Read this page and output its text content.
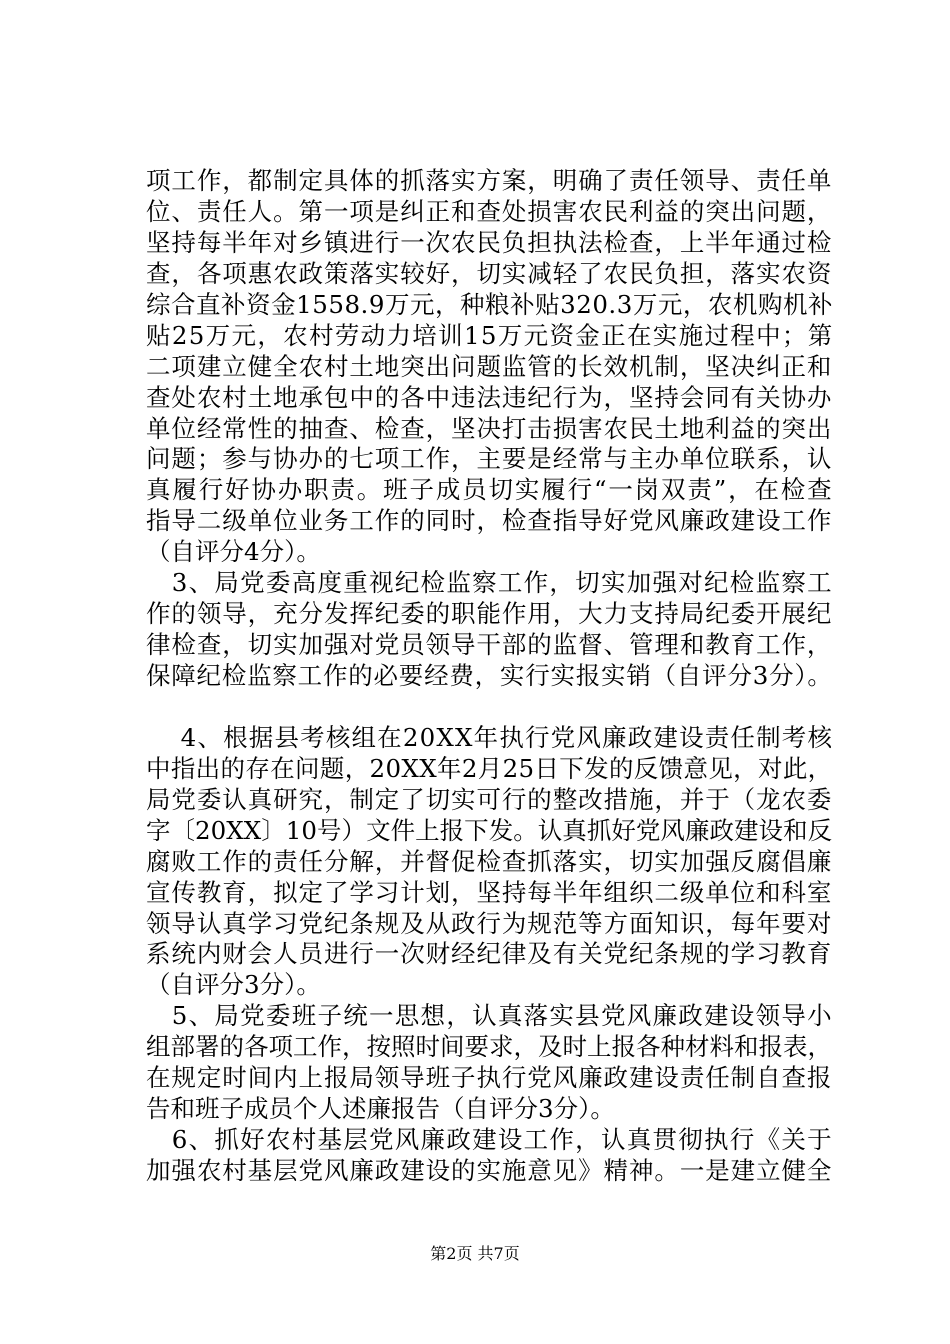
项工作，都制定具体的抓落实方案，明确了责任领导、责任单
位、责任人。第一项是纠正和查处损害农民利益的突出问题，
坚持每半年对乡镇进行一次农民负担执法检查，上半年通过检
查，各项惠农政策落实较好，切实减轻了农民负担，落实农资
综合直补资金1558.9万元，种粮补贴320.3万元，农机购机补
贴25万元，农村劳动力培训15万元资金正在实施过程中；第
二项建立健全农村土地突出问题监管的长效机制，坚决纠正和
查处农村土地承包中的各中违法违纪行为，坚持会同有关协办
单位经常性的抽查、检查，坚决打击损害农民土地利益的突出
问题；参与协办的七项工作，主要是经常与主办单位联系，认
真履行好协办职责。班子成员切实履行“一岗双责”，在检查
指导二级单位业务工作的同时，检查指导好党风廉政建设工作
（自评分4分）。
　3、局党委高度重视纪检监察工作，切实加强对纪检监察工
作的领导，充分发挥纪委的职能作用，大力支持局纪委开展纪
律检查，切实加强对党员领导干部的监督、管理和教育工作，
保障纪检监察工作的必要经费，实行实报实销（自评分3分）。
　 4、根据县考核组在20XX年执行党风廉政建设责任制考核
中指出的存在问题，20XX年2月25日下发的反馈意见，对此，
局党委认真研究，制定了切实可行的整改措施，并于（龙农委
字〔20XX〕10号）文件上报下发。认真抓好党风廉政建设和反
腐败工作的责任分解，并督促检查抓落实，切实加强反腐倡廉
宣传教育，拟定了学习计划，坚持每半年组织二级单位和科室
领导认真学习党纪条规及从政行为规范等方面知识，每年要对
系统内财会人员进行一次财经纪律及有关党纪条规的学习教育
（自评分3分）。
　5、局党委班子统一思想，认真落实县党风廉政建设领导小
组部署的各项工作，按照时间要求，及时上报各种材料和报表，
在规定时间内上报局领导班子执行党风廉政建设责任制自查报
告和班子成员个人述廉报告（自评分3分）。
　6、抓好农村基层党风廉政建设工作，认真贯彻执行《关于
加强农村基层党风廉政建设的实施意见》精神。一是建立健全
第2页 共7页
